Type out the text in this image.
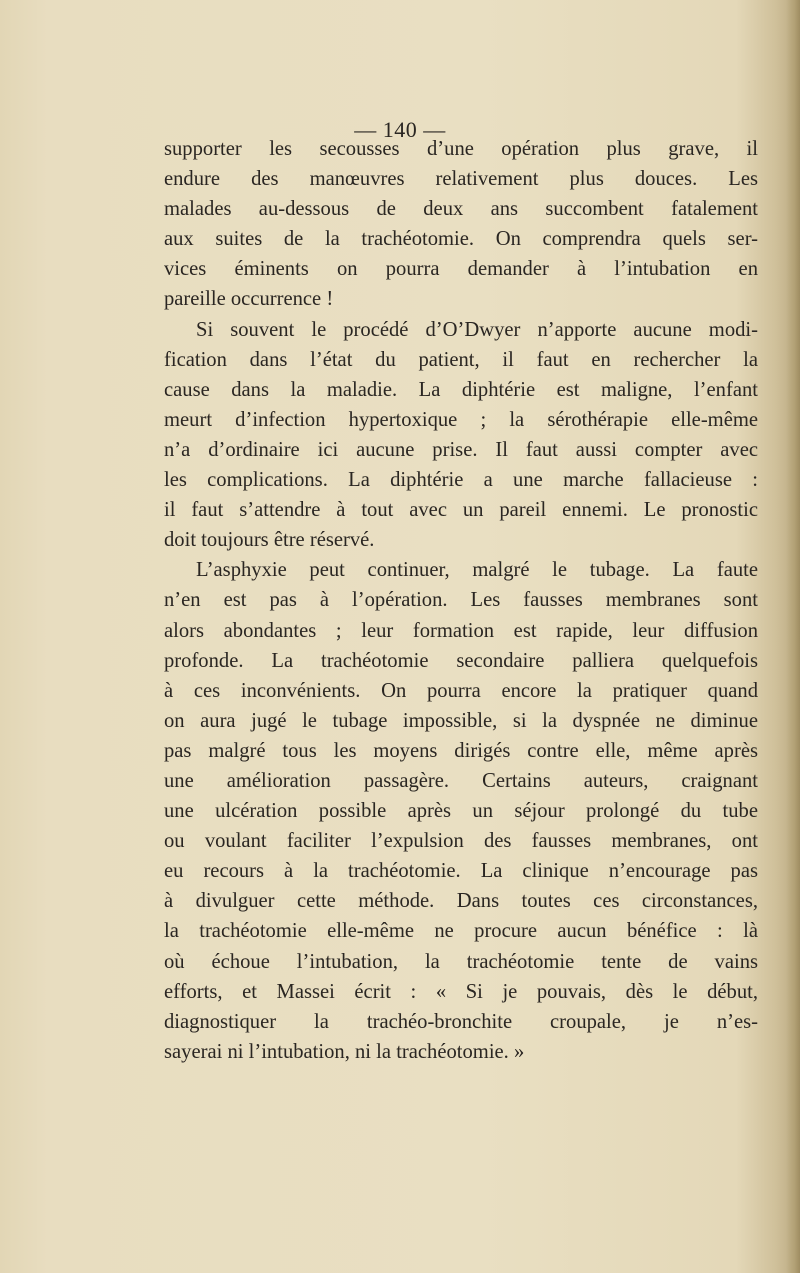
— 140 —
supporter les secousses d’une opération plus grave, il
endure des manœuvres relativement plus douces. Les
malades au-dessous de deux ans succombent fatalement
aux suites de la trachéotomie. On comprendra quels ser-
vices éminents on pourra demander à l’intubation en
pareille occurrence !
Si souvent le procédé d’O’Dwyer n’apporte aucune modi-
fication dans l’état du patient, il faut en rechercher la
cause dans la maladie. La diphtérie est maligne, l’enfant
meurt d’infection hypertoxique ; la sérothérapie elle-même
n’a d’ordinaire ici aucune prise. Il faut aussi compter avec
les complications. La diphtérie a une marche fallacieuse :
il faut s’attendre à tout avec un pareil ennemi. Le pronostic
doit toujours être réservé.
L’asphyxie peut continuer, malgré le tubage. La faute
n’en est pas à l’opération. Les fausses membranes sont
alors abondantes ; leur formation est rapide, leur diffusion
profonde. La trachéotomie secondaire palliera quelquefois
à ces inconvénients. On pourra encore la pratiquer quand
on aura jugé le tubage impossible, si la dyspnée ne diminue
pas malgré tous les moyens dirigés contre elle, même après
une amélioration passagère. Certains auteurs, craignant
une ulcération possible après un séjour prolongé du tube
ou voulant faciliter l’expulsion des fausses membranes, ont
eu recours à la trachéotomie. La clinique n’encourage pas
à divulguer cette méthode. Dans toutes ces circonstances,
la trachéotomie elle-même ne procure aucun bénéfice : là
où échoue l’intubation, la trachéotomie tente de vains
efforts, et Massei écrit : « Si je pouvais, dès le début,
diagnostiquer la trachéo-bronchite croupale, je n’es-
sayerai ni l’intubation, ni la trachéotomie. »
